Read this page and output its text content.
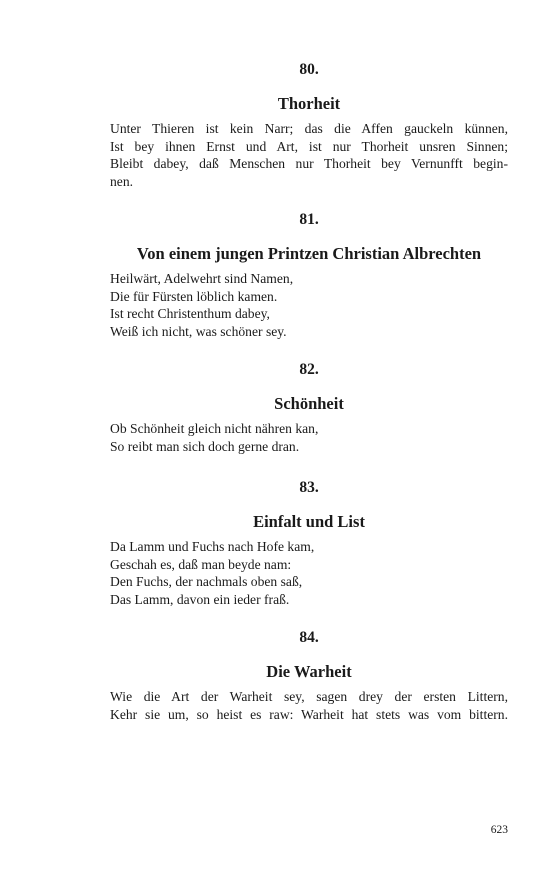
80.

Thorheit
Unter Thieren ist kein Narr; das die Affen gauckeln künnen,
Ist bey ihnen Ernst und Art, ist nur Thorheit unsren Sinnen;
Bleibt dabey, daß Menschen nur Thorheit bey Vernunfft begin-
nen.

81.

Von einem jungen Printzen Christian Albrechten
Heilwärt, Adelwehrt sind Namen,
Die für Fürsten löblich kamen.
Ist recht Christenthum dabey,
Weiß ich nicht, was schöner sey.

82.

Schönheit
Ob Schönheit gleich nicht nähren kan,
So reibt man sich doch gerne dran.

83.

Einfalt und List
Da Lamm und Fuchs nach Hofe kam,
Geschah es, daß man beyde nam:
Den Fuchs, der nachmals oben saß,
Das Lamm, davon ein ieder fraß.

84.

Die Warheit
Wie die Art der Warheit sey, sagen drey der ersten Littern,
Kehr sie um, so heist es raw: Warheit hat stets was vom bittern.
623
